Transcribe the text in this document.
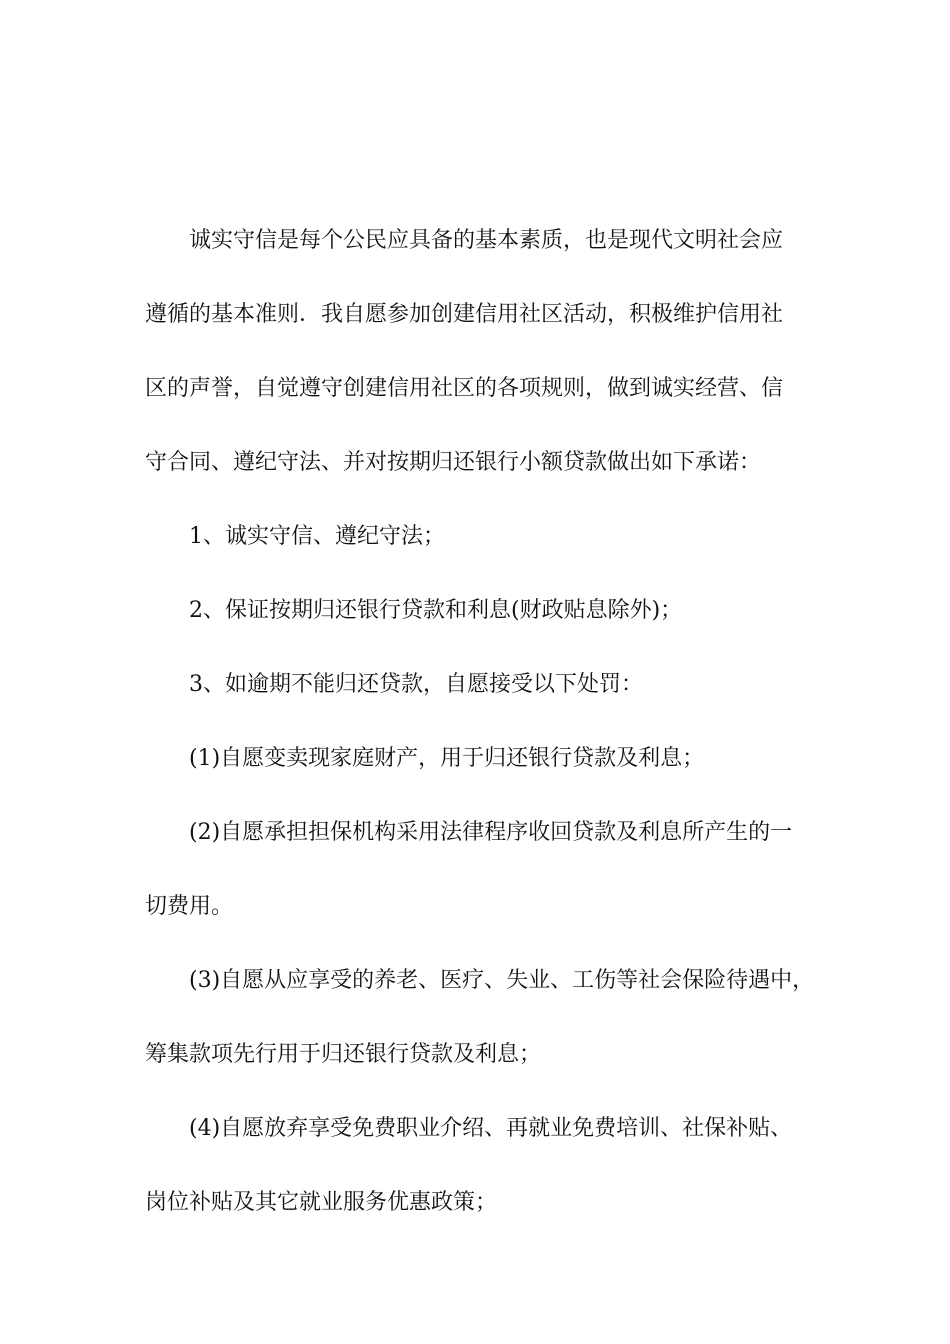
诚实守信是每个公民应具备的基本素质，也是现代文明社会应
遵循的基本准则．我自愿参加创建信用社区活动，积极维护信用社
区的声誉，自觉遵守创建信用社区的各项规则，做到诚实经营、信
守合同、遵纪守法、并对按期归还银行小额贷款做出如下承诺：
1、诚实守信、遵纪守法；
2、保证按期归还银行贷款和利息(财政贴息除外)；
3、如逾期不能归还贷款，自愿接受以下处罚：
(1)自愿变卖现家庭财产，用于归还银行贷款及利息；
(2)自愿承担担保机构采用法律程序收回贷款及利息所产生的一
切费用。
(3)自愿从应享受的养老、医疗、失业、工伤等社会保险待遇中，
筹集款项先行用于归还银行贷款及利息；
(4)自愿放弃享受免费职业介绍、再就业免费培训、社保补贴、
岗位补贴及其它就业服务优惠政策；
